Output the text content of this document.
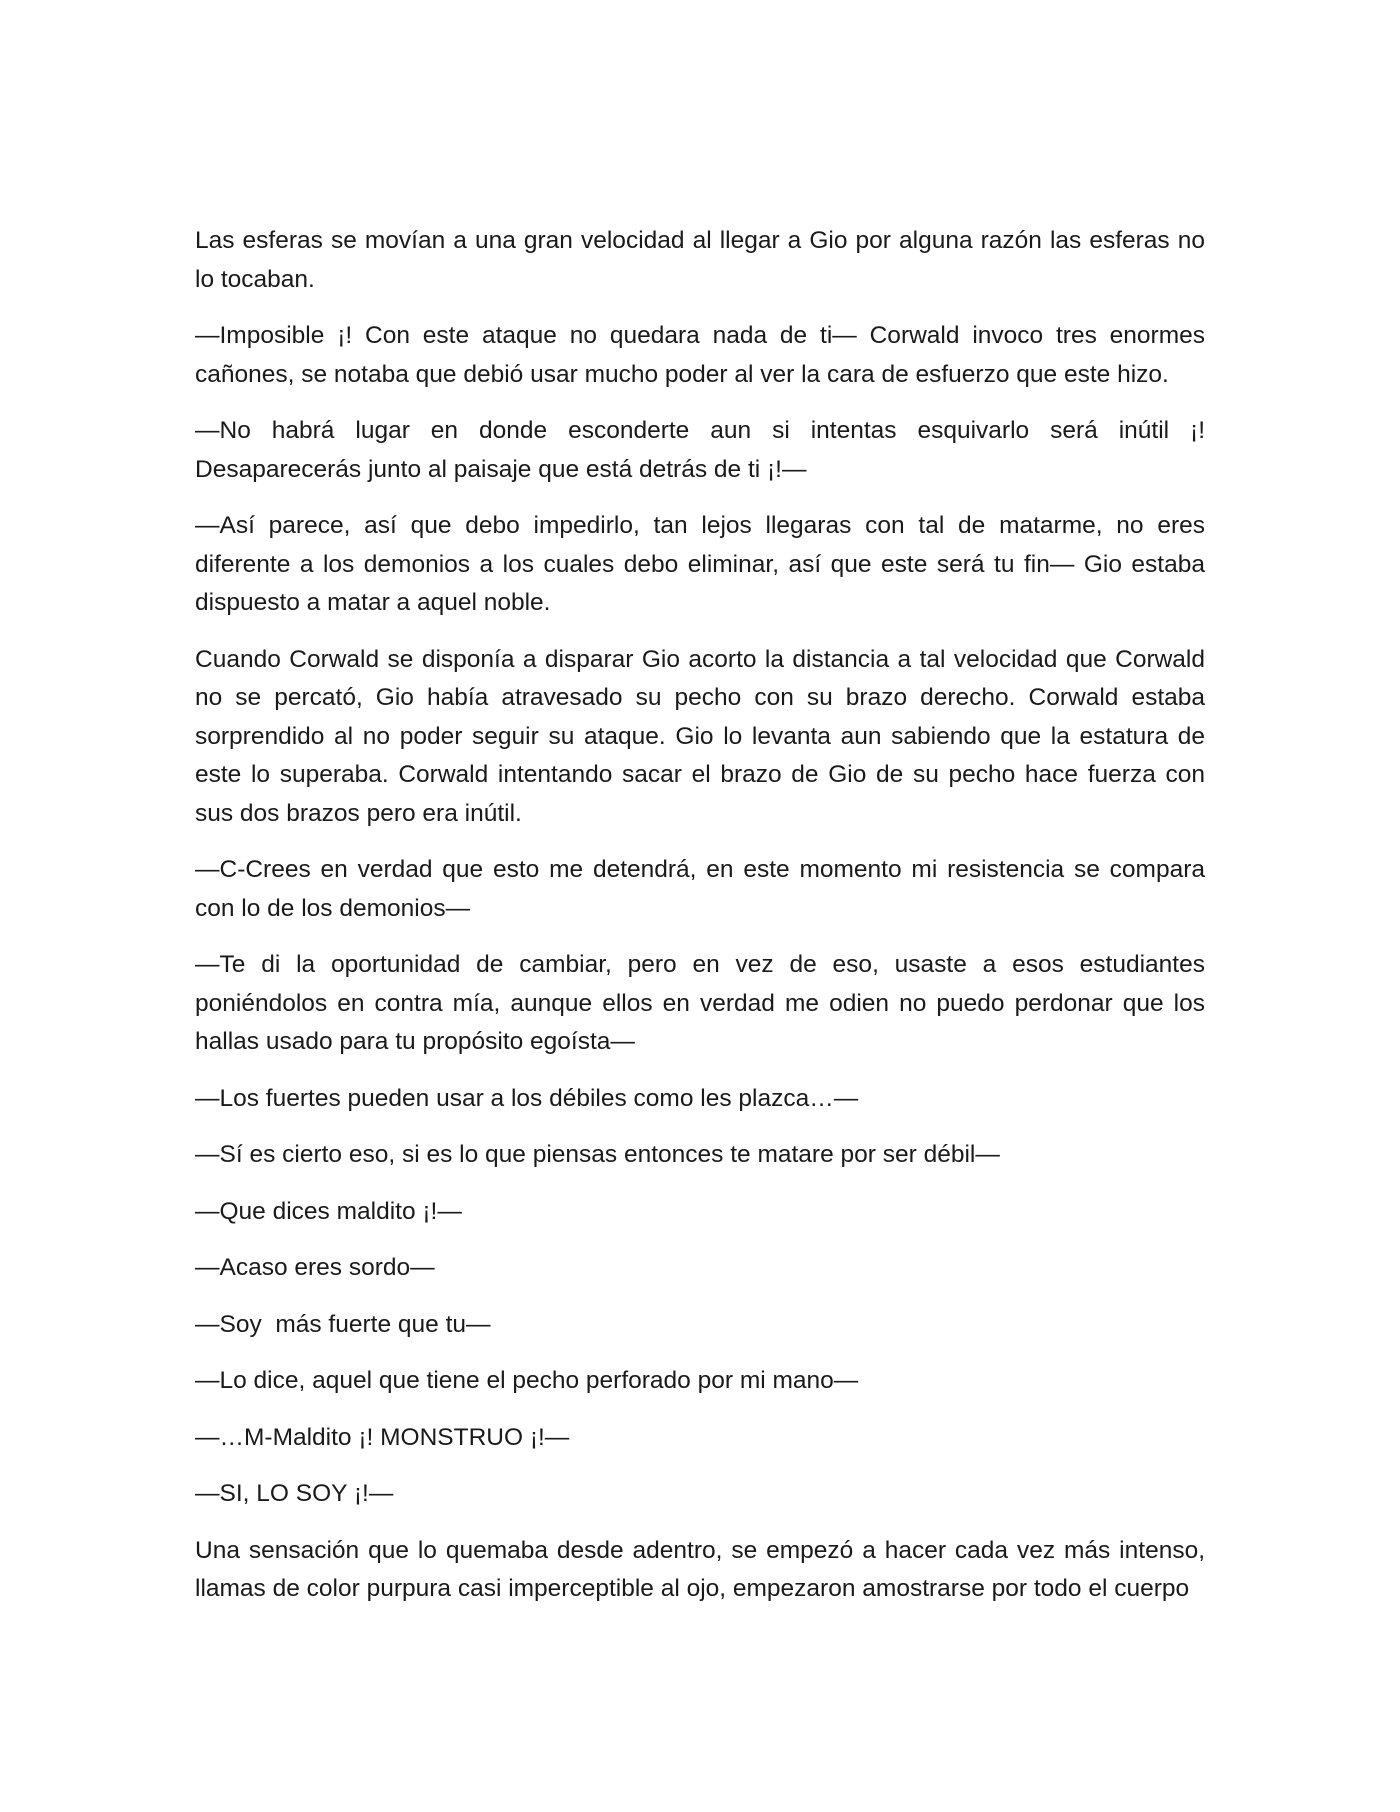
Las esferas se movían a una gran velocidad al llegar a Gio por alguna razón las esferas no lo tocaban.

—Imposible ¡! Con este ataque no quedara nada de ti— Corwald invoco tres enormes cañones, se notaba que debió usar mucho poder al ver la cara de esfuerzo que este hizo.

—No habrá lugar en donde esconderte aun si intentas esquivarlo será inútil ¡! Desaparecerás junto al paisaje que está detrás de ti ¡!—

—Así parece, así que debo impedirlo, tan lejos llegaras con tal de matarme, no eres diferente a los demonios a los cuales debo eliminar, así que este será tu fin— Gio estaba dispuesto a matar a aquel noble.

Cuando Corwald se disponía a disparar Gio acorto la distancia a tal velocidad que Corwald no se percató, Gio había atravesado su pecho con su brazo derecho. Corwald estaba sorprendido al no poder seguir su ataque. Gio lo levanta aun sabiendo que la estatura de este lo superaba. Corwald intentando sacar el brazo de Gio de su pecho hace fuerza con sus dos brazos pero era inútil.

—C-Crees en verdad que esto me detendrá, en este momento mi resistencia se compara con lo de los demonios—

—Te di la oportunidad de cambiar, pero en vez de eso, usaste a esos estudiantes poniéndolos en contra mía, aunque ellos en verdad me odien no puedo perdonar que los hallas usado para tu propósito egoísta—

—Los fuertes pueden usar a los débiles como les plazca…—

—Sí es cierto eso, si es lo que piensas entonces te matare por ser débil—

—Que dices maldito ¡!—

—Acaso eres sordo—

—Soy  más fuerte que tu—

—Lo dice, aquel que tiene el pecho perforado por mi mano—

—…M-Maldito ¡! MONSTRUO ¡!—

—SI, LO SOY ¡!—

Una sensación que lo quemaba desde adentro, se empezó a hacer cada vez más intenso, llamas de color purpura casi imperceptible al ojo, empezaron amostrarse por todo el cuerpo
